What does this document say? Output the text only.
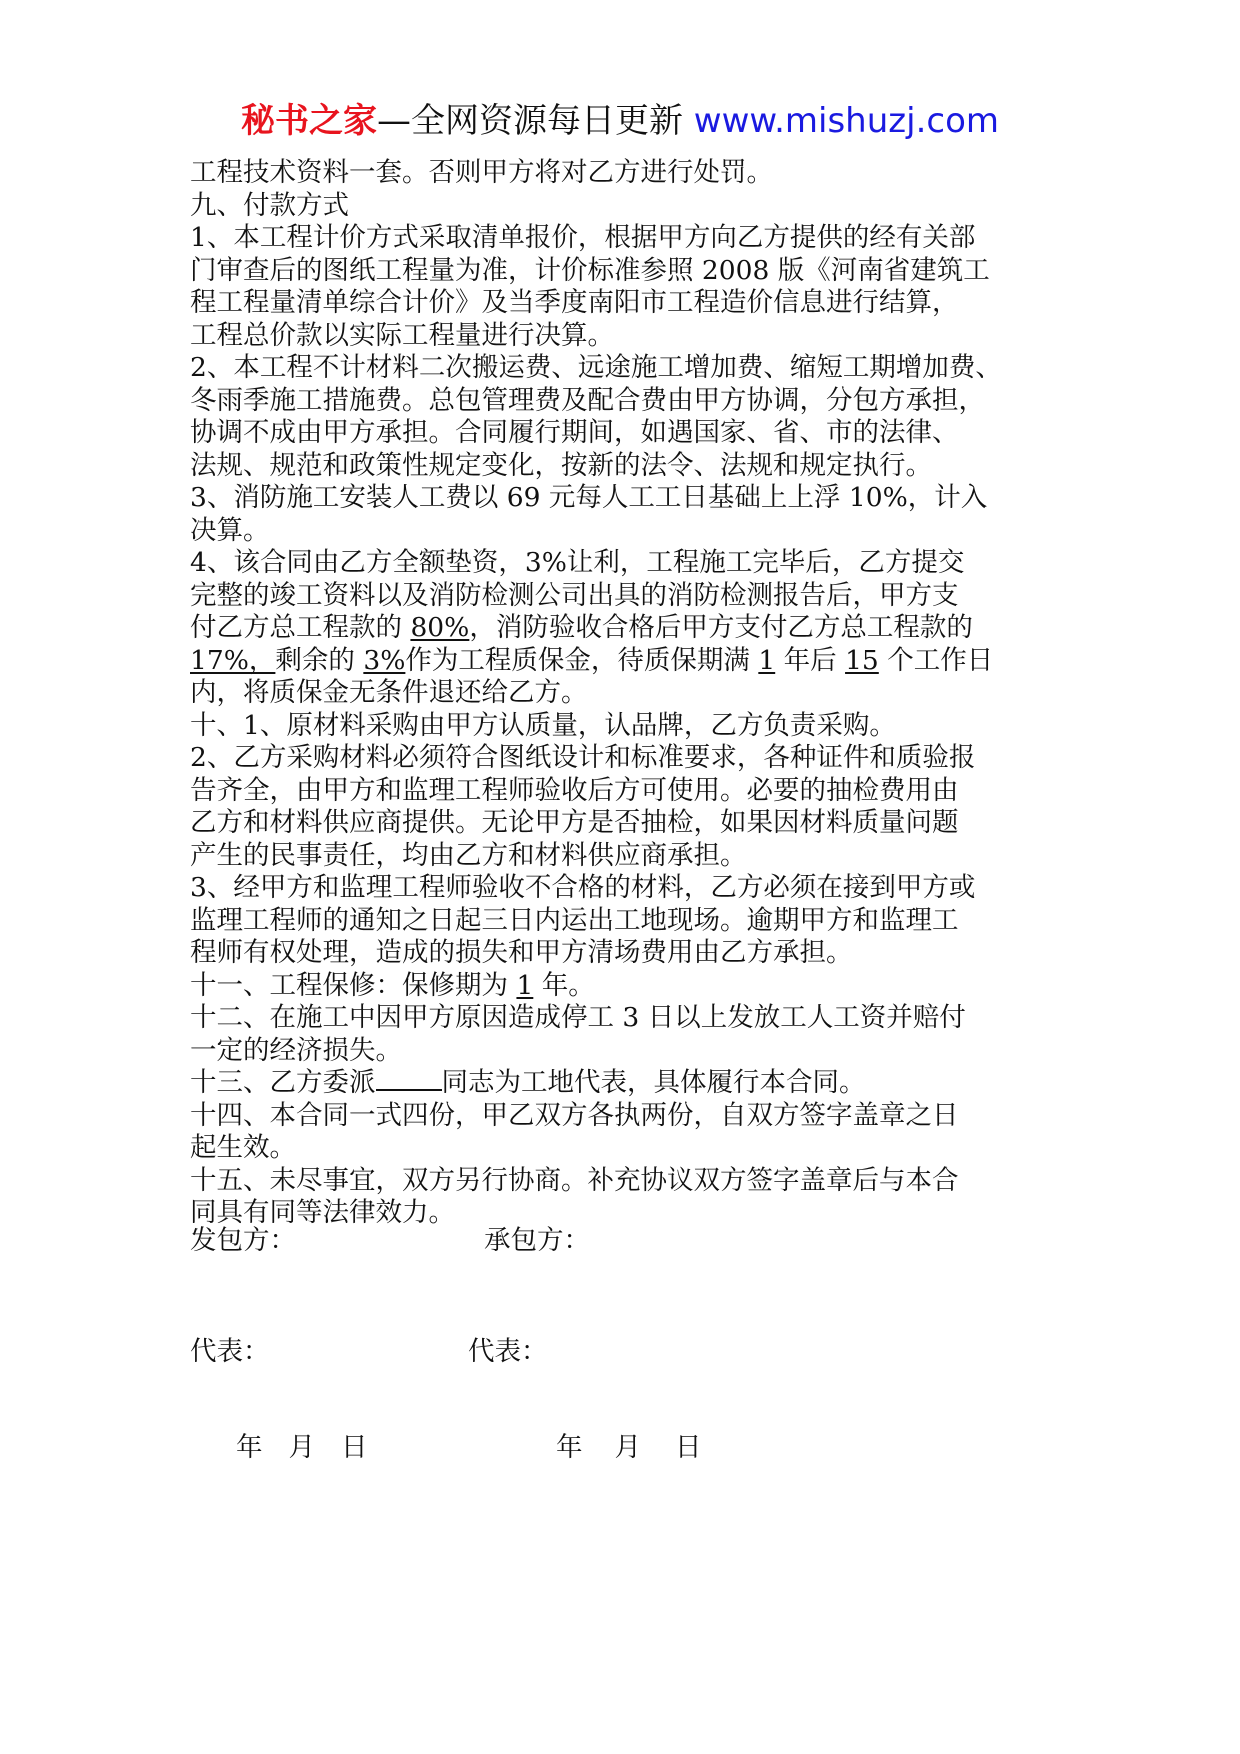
秘书之家—全网资源每日更新 www.mishuzj.com

工程技术资料一套。否则甲方将对乙方进行处罚。

九、付款方式

1、本工程计价方式采取清单报价，根据甲方向乙方提供的经有关部

门审查后的图纸工程量为准，计价标准参照 2008 版《河南省建筑工

程工程量清单综合计价》及当季度南阳市工程造价信息进行结算，

工程总价款以实际工程量进行决算。

2、本工程不计材料二次搬运费、远途施工增加费、缩短工期增加费、

冬雨季施工措施费。总包管理费及配合费由甲方协调，分包方承担，

协调不成由甲方承担。合同履行期间，如遇国家、省、市的法律、

法规、规范和政策性规定变化，按新的法令、法规和规定执行。

3、消防施工安装人工费以 69 元每人工工日基础上上浮 10%，计入

决算。

4、该合同由乙方全额垫资，3%让利，工程施工完毕后，乙方提交

完整的竣工资料以及消防检测公司出具的消防检测报告后，甲方支

付乙方总工程款的 80%，消防验收合格后甲方支付乙方总工程款的

17%，剩余的 3%作为工程质保金，待质保期满 1 年后 15 个工作日

内，将质保金无条件退还给乙方。

十、1、原材料采购由甲方认质量，认品牌，乙方负责采购。

2、乙方采购材料必须符合图纸设计和标准要求，各种证件和质验报

告齐全，由甲方和监理工程师验收后方可使用。必要的抽检费用由

乙方和材料供应商提供。无论甲方是否抽检，如果因材料质量问题

产生的民事责任，均由乙方和材料供应商承担。

3、经甲方和监理工程师验收不合格的材料，乙方必须在接到甲方或

监理工程师的通知之日起三日内运出工地现场。逾期甲方和监理工

程师有权处理，造成的损失和甲方清场费用由乙方承担。

十一、工程保修：保修期为 1 年。

十二、在施工中因甲方原因造成停工 3 日以上发放工人工资并赔付

一定的经济损失。

十三、乙方委派 同志为工地代表，具体履行本合同。

十四、本合同一式四份，甲乙双方各执两份，自双方签字盖章之日

起生效。

十五、未尽事宜，双方另行协商。补充协议双方签字盖章后与本合

同具有同等法律效力。

发包方：	承包方：
代表：	代表：
年 月 日	年 月 日
